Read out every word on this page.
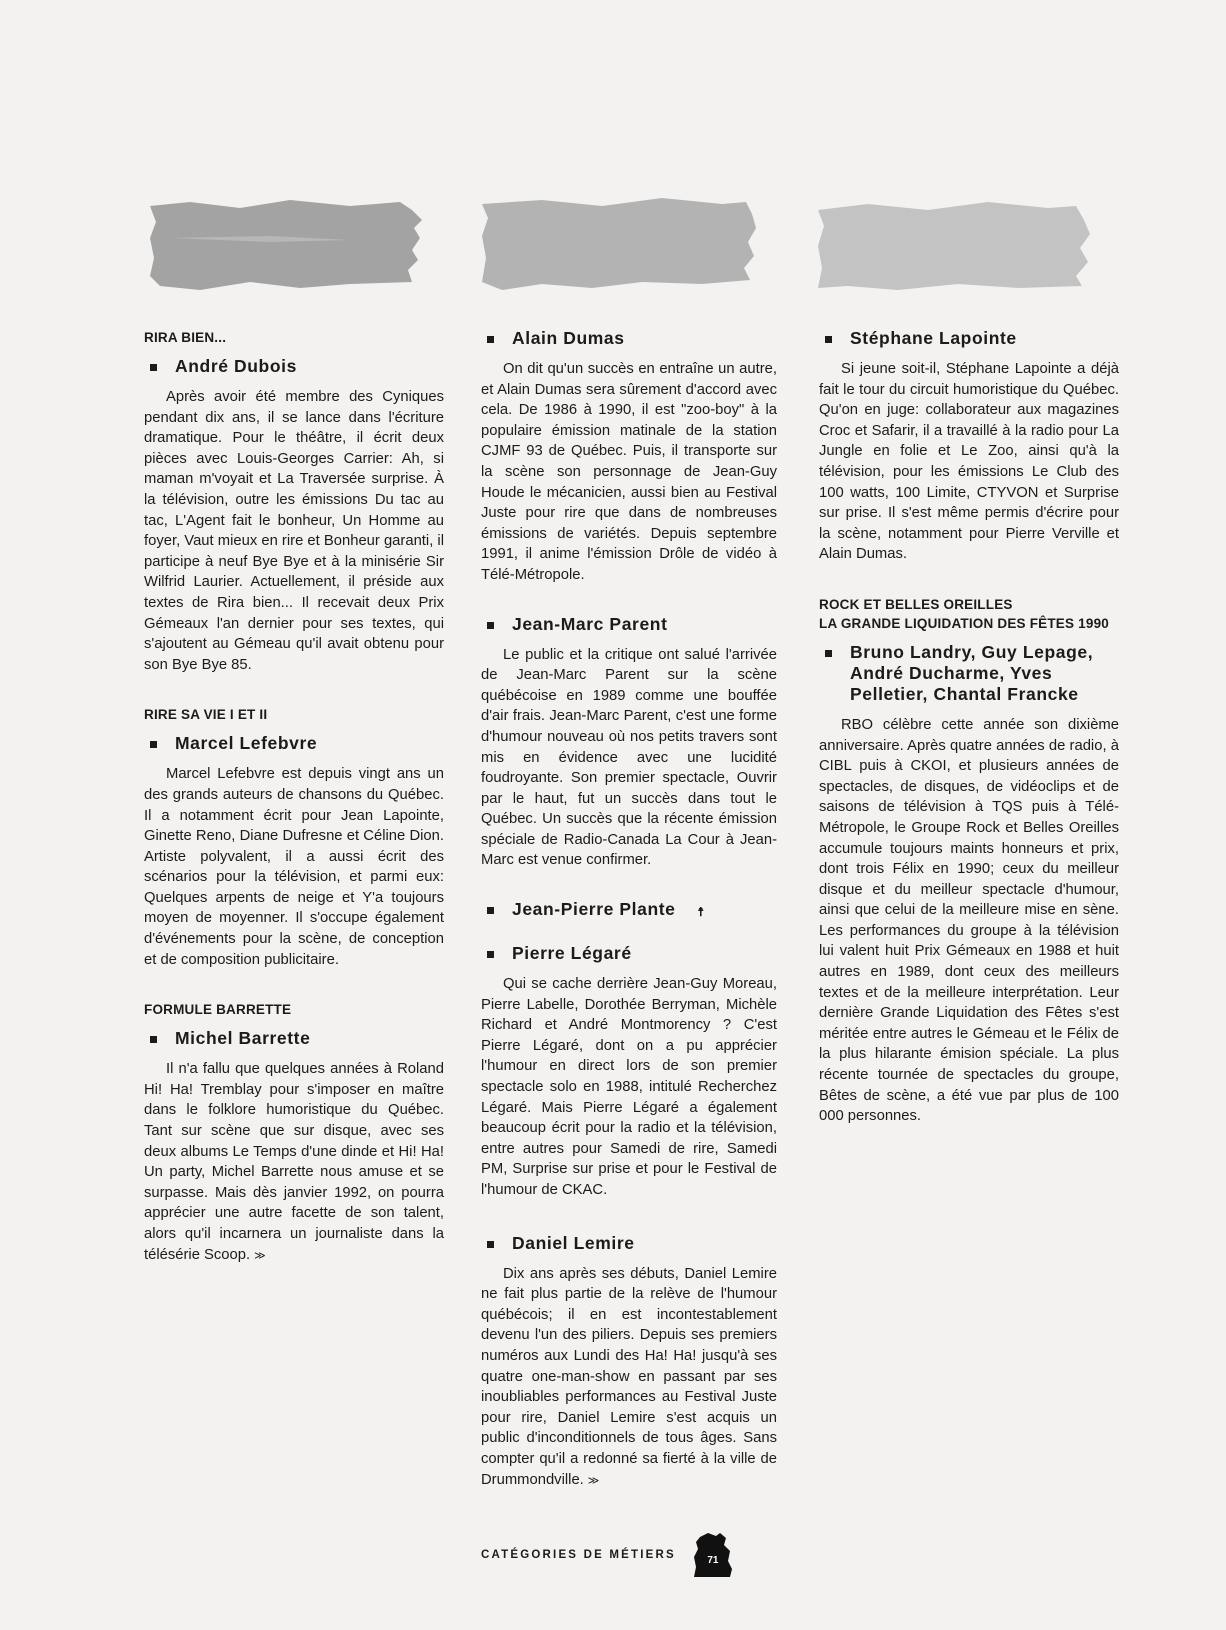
RIRA BIEN...
André Dubois

Après avoir été membre des Cyniques pendant dix ans, il se lance dans l'écriture dramatique. Pour le théâtre, il écrit deux pièces avec Louis-Georges Carrier: Ah, si maman m'voyait et La Traversée surprise. À la télévision, outre les émissions Du tac au tac, L'Agent fait le bonheur, Un Homme au foyer, Vaut mieux en rire et Bonheur garanti, il participe à neuf Bye Bye et à la minisérie Sir Wilfrid Laurier. Actuellement, il préside aux textes de Rira bien... Il recevait deux Prix Gémeaux l'an dernier pour ses textes, qui s'ajoutent au Gémeau qu'il avait obtenu pour son Bye Bye 85.

RIRE SA VIE I ET II
Marcel Lefebvre

Marcel Lefebvre est depuis vingt ans un des grands auteurs de chansons du Québec. Il a notamment écrit pour Jean Lapointe, Ginette Reno, Diane Dufresne et Céline Dion. Artiste polyvalent, il a aussi écrit des scénarios pour la télévision, et parmi eux: Quelques arpents de neige et Y'a toujours moyen de moyenner. Il s'occupe également d'événements pour la scène, de conception et de composition publicitaire.

FORMULE BARRETTE
Michel Barrette

Il n'a fallu que quelques années à Roland Hi! Ha! Tremblay pour s'imposer en maître dans le folklore humoristique du Québec. Tant sur scène que sur disque, avec ses deux albums Le Temps d'une dinde et Hi! Ha! Un party, Michel Barrette nous amuse et se surpasse. Mais dès janvier 1992, on pourra apprécier une autre facette de son talent, alors qu'il incarnera un journaliste dans la télésérie Scoop. ≫

Alain Dumas

On dit qu'un succès en entraîne un autre, et Alain Dumas sera sûrement d'accord avec cela. De 1986 à 1990, il est "zoo-boy" à la populaire émission matinale de la station CJMF 93 de Québec. Puis, il transporte sur la scène son personnage de Jean-Guy Houde le mécanicien, aussi bien au Festival Juste pour rire que dans de nombreuses émissions de variétés. Depuis septembre 1991, il anime l'émission Drôle de vidéo à Télé-Métropole.

Jean-Marc Parent

Le public et la critique ont salué l'arrivée de Jean-Marc Parent sur la scène québécoise en 1989 comme une bouffée d'air frais. Jean-Marc Parent, c'est une forme d'humour nouveau où nos petits travers sont mis en évidence avec une lucidité foudroyante. Son premier spectacle, Ouvrir par le haut, fut un succès dans tout le Québec. Un succès que la récente émission spéciale de Radio-Canada La Cour à Jean-Marc est venue confirmer.

Jean-Pierre Plante ☨
Pierre Légaré

Qui se cache derrière Jean-Guy Moreau, Pierre Labelle, Dorothée Berryman, Michèle Richard et André Montmorency ? C'est Pierre Légaré, dont on a pu apprécier l'humour en direct lors de son premier spectacle solo en 1988, intitulé Recherchez Légaré. Mais Pierre Légaré a également beaucoup écrit pour la radio et la télévision, entre autres pour Samedi de rire, Samedi PM, Surprise sur prise et pour le Festival de l'humour de CKAC.

Daniel Lemire

Dix ans après ses débuts, Daniel Lemire ne fait plus partie de la relève de l'humour québécois; il en est incontestablement devenu l'un des piliers. Depuis ses premiers numéros aux Lundi des Ha! Ha! jusqu'à ses quatre one-man-show en passant par ses inoubliables performances au Festival Juste pour rire, Daniel Lemire s'est acquis un public d'inconditionnels de tous âges. Sans compter qu'il a redonné sa fierté à la ville de Drummondville. ≫

Stéphane Lapointe

Si jeune soit-il, Stéphane Lapointe a déjà fait le tour du circuit humoristique du Québec. Qu'on en juge: collaborateur aux magazines Croc et Safarir, il a travaillé à la radio pour La Jungle en folie et Le Zoo, ainsi qu'à la télévision, pour les émissions Le Club des 100 watts, 100 Limite, CTYVON et Surprise sur prise. Il s'est même permis d'écrire pour la scène, notamment pour Pierre Verville et Alain Dumas.

ROCK ET BELLES OREILLES
LA GRANDE LIQUIDATION DES FÊTES 1990
Bruno Landry, Guy Lepage, André Ducharme, Yves Pelletier, Chantal Francke

RBO célèbre cette année son dixième anniversaire. Après quatre années de radio, à CIBL puis à CKOI, et plusieurs années de spectacles, de disques, de vidéoclips et de saisons de télévision à TQS puis à Télé-Métropole, le Groupe Rock et Belles Oreilles accumule toujours maints honneurs et prix, dont trois Félix en 1990; ceux du meilleur disque et du meilleur spectacle d'humour, ainsi que celui de la meilleure mise en sène. Les performances du groupe à la télévision lui valent huit Prix Gémeaux en 1988 et huit autres en 1989, dont ceux des meilleurs textes et de la meilleure interprétation. Leur dernière Grande Liquidation des Fêtes s'est méritée entre autres le Gémeau et le Félix de la plus hilarante émision spéciale. La plus récente tournée de spectacles du groupe, Bêtes de scène, a été vue par plus de 100 000 personnes.

CATÉGORIES DE MÉTIERS	71
